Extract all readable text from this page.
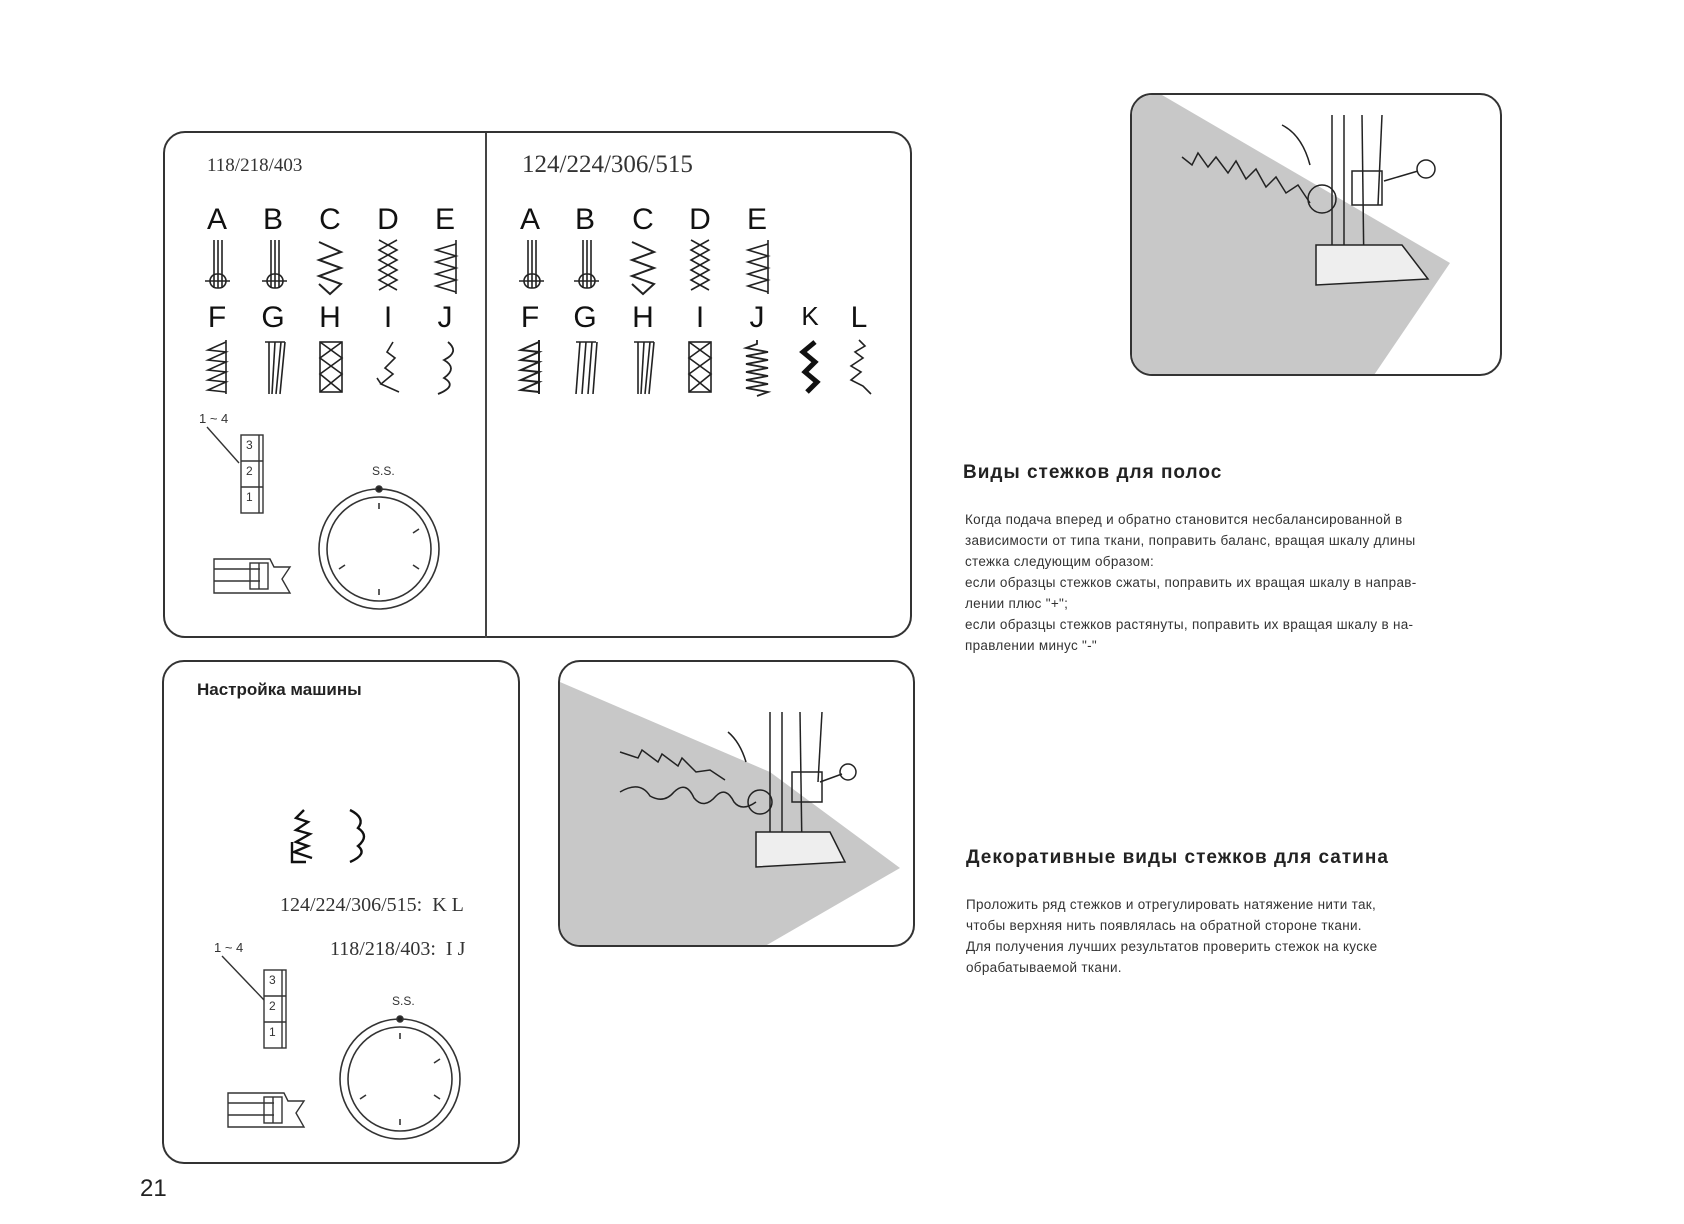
118/218/403	124/224/306/515
A	B	C	D	E
F	G	H	I	J
A	B	C	D	E
F	G	H	I	J	K	L
1 ~ 4
3
2
1
S.S.
Настройка машины
124/224/306/515:  K L
118/218/403:  I J
1 ~ 4
3
2
1
S.S.
Виды стежков для полос
Когда подача вперед и обратно становится несбалансированной в
зависимости от типа ткани, поправить баланс, вращая шкалу длины
стежка следующим образом:
если образцы стежков сжаты, поправить их вращая шкалу в направ-
лении плюс "+";
если образцы стежков растянуты, поправить их вращая шкалу в на-
правлении минус "-"
Декоративные виды стежков для сатина
Проложить ряд стежков и отрегулировать натяжение нити так,
чтобы верхняя нить появлялась на обратной стороне ткани.
Для получения лучших результатов проверить стежок на куске
обрабатываемой ткани.
21
